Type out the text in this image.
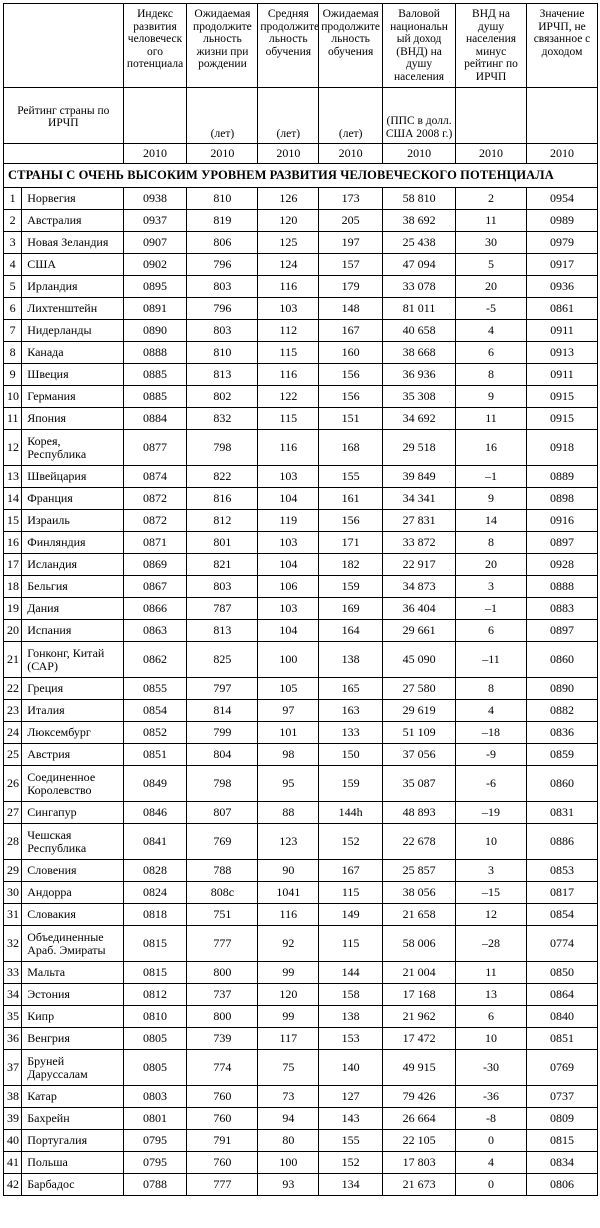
		Индекс развития человеческ ого потенциала	Ожидаемая продолжите льность жизни при рождении	Средняя продолжите льность обучения	Ожидаемая продолжите льность обучения	Валовой национальн ый доход (ВНД) на душу населения	ВНД на душу населения минус рейтинг по ИРЧП	Значение ИРЧП, не связанное с доходом
Рейтинг страны по ИРЧП			(лет)	(лет)	(лет)	(ППС в долл. США 2008 г.)		
		2010	2010	2010	2010	2010	2010	2010
СТРАНЫ С ОЧЕНЬ ВЫСОКИМ УРОВНЕМ РАЗВИТИЯ ЧЕЛОВЕЧЕСКОГО ПОТЕНЦИАЛА								
1	Норвегия	0938	810	126	173	58 810	2	0954
2	Австралия	0937	819	120	205	38 692	11	0989
3	Новая Зеландия	0907	806	125	197	25 438	30	0979
4	США	0902	796	124	157	47 094	5	0917
5	Ирландия	0895	803	116	179	33 078	20	0936
6	Лихтенштейн	0891	796	103	148	81 011	-5	0861
7	Нидерланды	0890	803	112	167	40 658	4	0911
8	Канада	0888	810	115	160	38 668	6	0913
9	Швеция	0885	813	116	156	36 936	8	0911
10	Германия	0885	802	122	156	35 308	9	0915
11	Япония	0884	832	115	151	34 692	11	0915
12	Корея, Республика	0877	798	116	168	29 518	16	0918
13	Швейцария	0874	822	103	155	39 849	–1	0889
14	Франция	0872	816	104	161	34 341	9	0898
15	Израиль	0872	812	119	156	27 831	14	0916
16	Финляндия	0871	801	103	171	33 872	8	0897
17	Исландия	0869	821	104	182	22 917	20	0928
18	Бельгия	0867	803	106	159	34 873	3	0888
19	Дания	0866	787	103	169	36 404	–1	0883
20	Испания	0863	813	104	164	29 661	6	0897
21	Гонконг, Китай (САР)	0862	825	100	138	45 090	–11	0860
22	Греция	0855	797	105	165	27 580	8	0890
23	Италия	0854	814	97	163	29 619	4	0882
24	Люксембург	0852	799	101	133	51 109	–18	0836
25	Австрия	0851	804	98	150	37 056	-9	0859
26	Соединенное Королевство	0849	798	95	159	35 087	-6	0860
27	Сингапур	0846	807	88	144h	48 893	–19	0831
28	Чешская Республика	0841	769	123	152	22 678	10	0886
29	Словения	0828	788	90	167	25 857	3	0853
30	Андорра	0824	808c	1041	115	38 056	–15	0817
31	Словакия	0818	751	116	149	21 658	12	0854
32	Объединенные Араб. Эмираты	0815	777	92	115	58 006	–28	0774
33	Мальта	0815	800	99	144	21 004	11	0850
34	Эстония	0812	737	120	158	17 168	13	0864
35	Кипр	0810	800	99	138	21 962	6	0840
36	Венгрия	0805	739	117	153	17 472	10	0851
37	Бруней Даруссалам	0805	774	75	140	49 915	-30	0769
38	Катар	0803	760	73	127	79 426	-36	0737
39	Бахрейн	0801	760	94	143	26 664	-8	0809
40	Португалия	0795	791	80	155	22 105	0	0815
41	Польша	0795	760	100	152	17 803	4	0834
42	Барбадос	0788	777	93	134	21 673	0	0806
